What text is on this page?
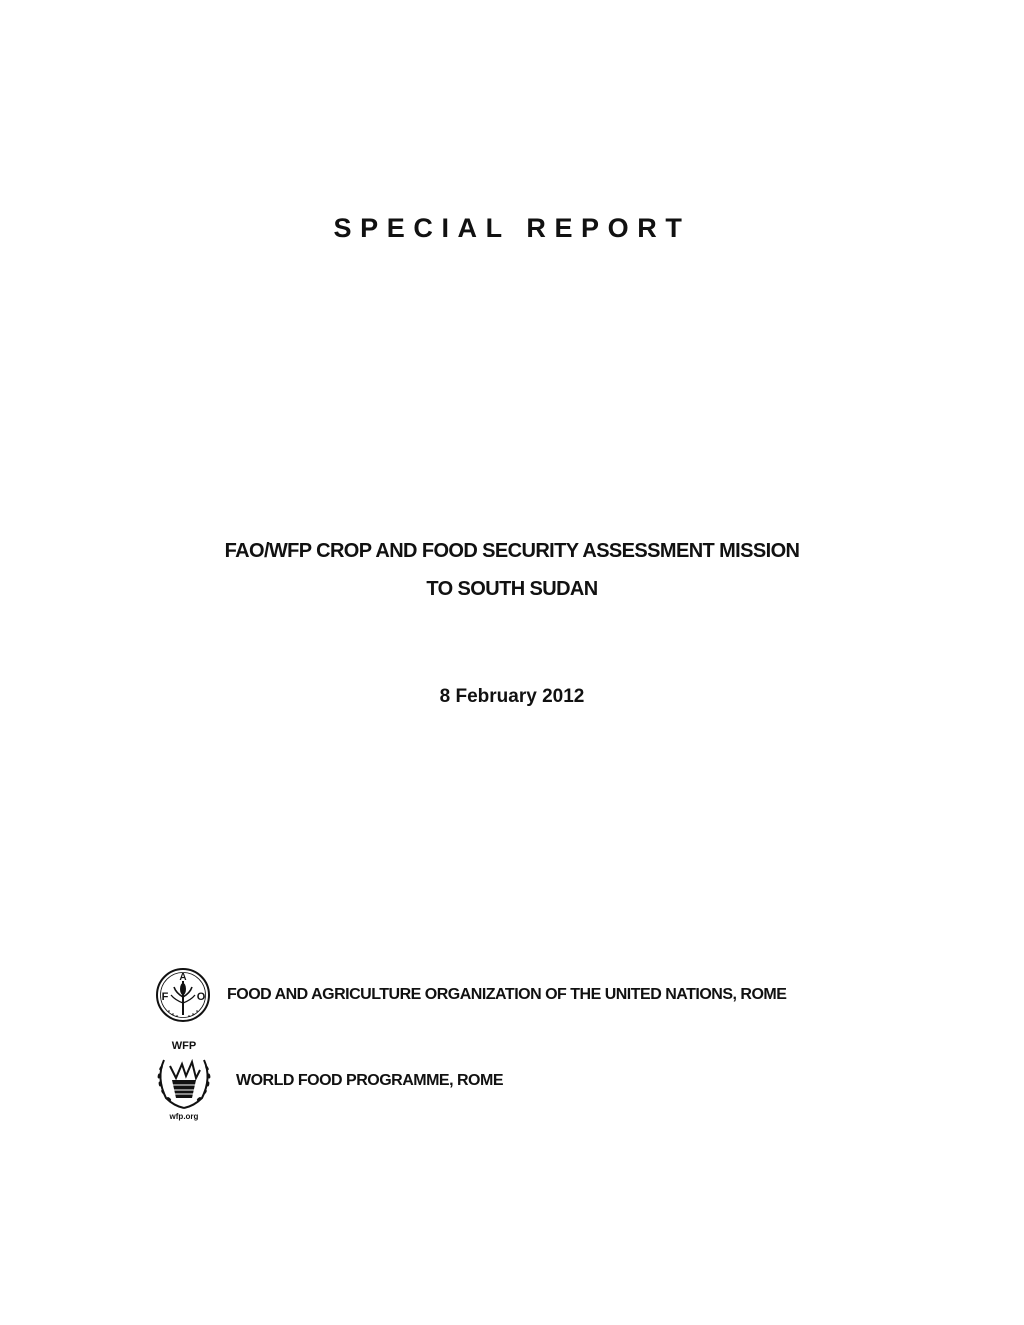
SPECIAL REPORT
FAO/WFP CROP AND FOOD SECURITY ASSESSMENT MISSION
TO SOUTH SUDAN
8 February 2012
A
F	O FOOD AND AGRICULTURE ORGANIZATION OF THE UNITED NATIONS, ROME
WFP
wfp.org
WORLD FOOD PROGRAMME, ROME
